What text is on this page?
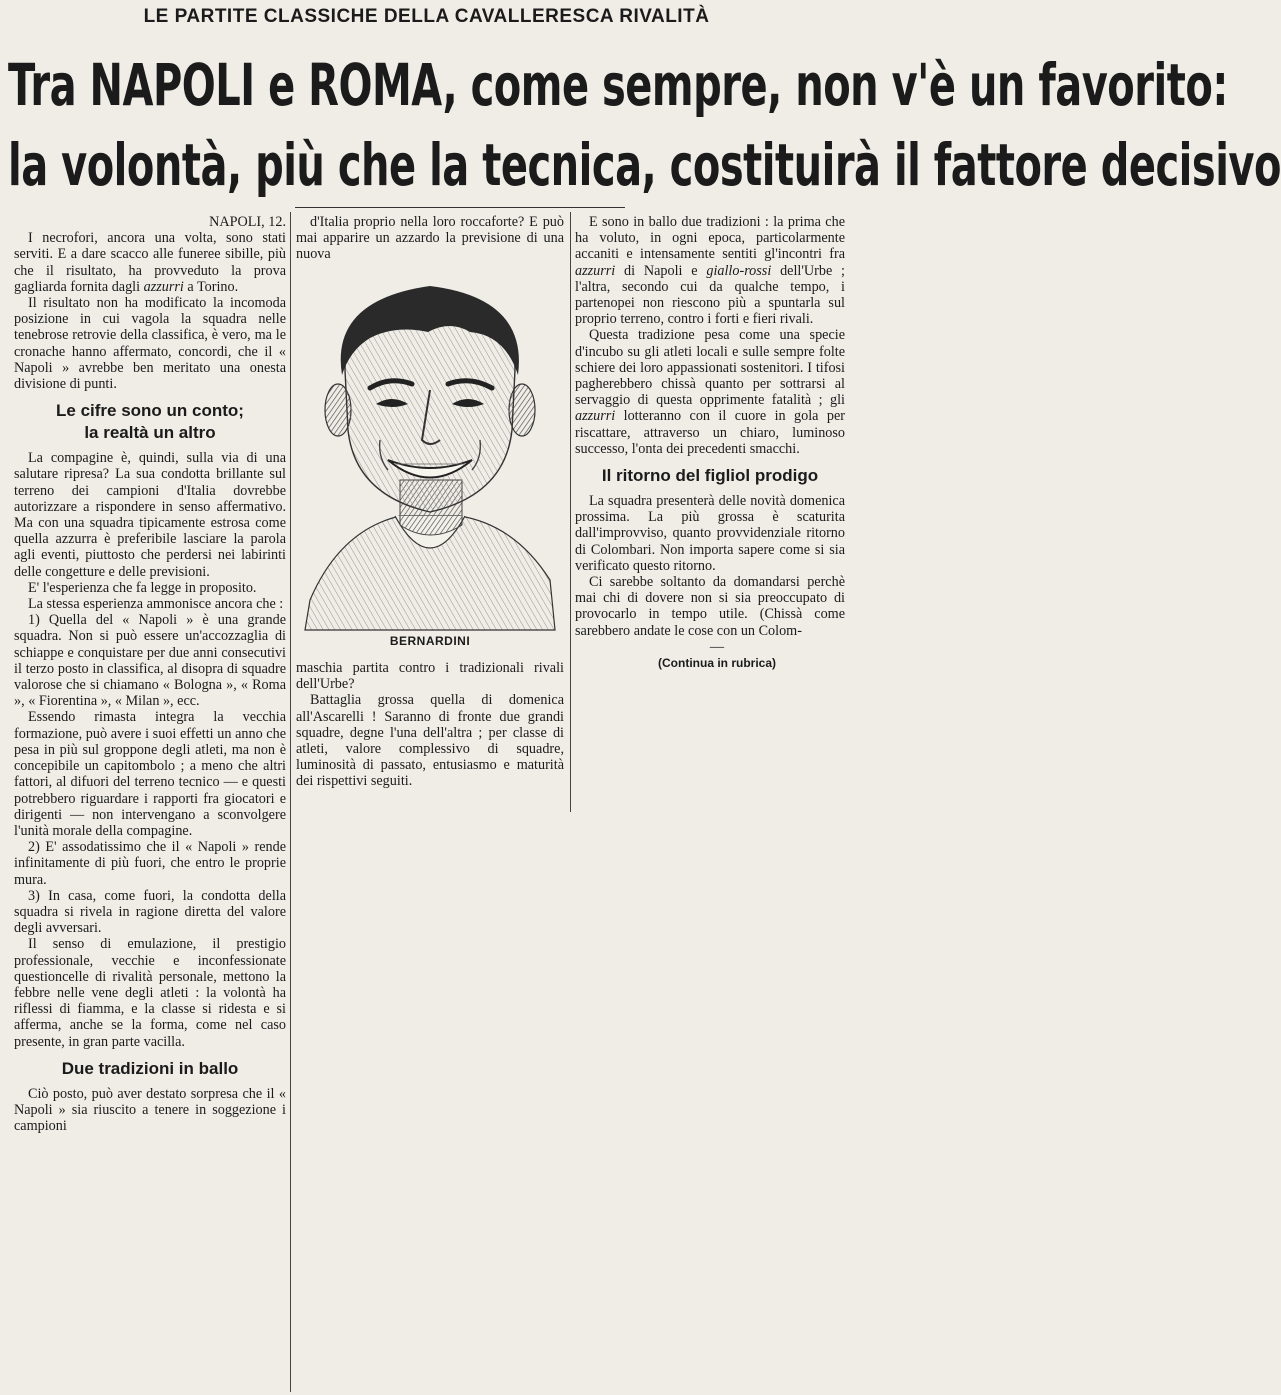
LE PARTITE CLASSICHE DELLA CAVALLERESCA RIVALITÀ
Tra NAPOLI e ROMA, come sempre, non v'è un favorito:
la volontà, più che la tecnica, costituirà il fattore decisivo
NAPOLI, 12.

I necrofori, ancora una volta, sono stati serviti. E a dare scacco alle funeree sibille, più che il risultato, ha provveduto la prova gagliarda fornita dagli azzurri a Torino.

Il risultato non ha modificato la incomoda posizione in cui vagola la squadra nelle tenebrose retrovie della classifica, è vero, ma le cronache hanno affermato, concordi, che il « Napoli » avrebbe ben meritato una onesta divisione di punti.

Le cifre sono un conto;
la realtà un altro

La compagine è, quindi, sulla via di una salutare ripresa? La sua condotta brillante sul terreno dei campioni d'Italia dovrebbe autorizzare a rispondere in senso affermativo. Ma con una squadra tipicamente estrosa come quella azzurra è preferibile lasciare la parola agli eventi, piuttosto che perdersi nei labirinti delle congetture e delle previsioni.

E' l'esperienza che fa legge in proposito.

La stessa esperienza ammonisce ancora che :

1) Quella del « Napoli » è una grande squadra. Non si può essere un'accozzaglia di schiappe e conquistare per due anni consecutivi il terzo posto in classifica, al disopra di squadre valorose che si chiamano « Bologna », « Roma », « Fiorentina », « Milan », ecc.

Essendo rimasta integra la vecchia formazione, può avere i suoi effetti un anno che pesa in più sul groppone degli atleti, ma non è concepibile un capitombolo ; a meno che altri fattori, al difuori del terreno tecnico — e questi potrebbero riguardare i rapporti fra giocatori e dirigenti — non intervengano a sconvolgere l'unità morale della compagine.

2) E' assodatissimo che il « Napoli » rende infinitamente di più fuori, che entro le proprie mura.

3) In casa, come fuori, la condotta della squadra si rivela in ragione diretta del valore degli avversari.

Il senso di emulazione, il prestigio professionale, vecchie e inconfessionate questioncelle di rivalità personale, mettono la febbre nelle vene degli atleti : la volontà ha riflessi di fiamma, e la classe si ridesta e si afferma, anche se la forma, come nel caso presente, in gran parte vacilla.

Due tradizioni in ballo

Ciò posto, può aver destato sorpresa che il « Napoli » sia riuscito a tenere in soggezione i campioni

d'Italia proprio nella loro roccaforte? E può mai apparire un azzardo la previsione di una nuova

BERNARDINI

maschia partita contro i tradizionali rivali dell'Urbe?

Battaglia grossa quella di domenica all'Ascarelli ! Saranno di fronte due grandi squadre, degne l'una dell'altra ; per classe di atleti, valore complessivo di squadre, luminosità di passato, entusiasmo e maturità dei rispettivi seguiti.

E sono in ballo due tradizioni : la prima che ha voluto, in ogni epoca, particolarmente accaniti e intensamente sentiti gl'incontri fra azzurri di Napoli e giallo-rossi dell'Urbe ; l'altra, secondo cui da qualche tempo, i partenopei non riescono più a spuntarla sul proprio terreno, contro i forti e fieri rivali.

Questa tradizione pesa come una specie d'incubo su gli atleti locali e sulle sempre folte schiere dei loro appassionati sostenitori. I tifosi pagherebbero chissà quanto per sottrarsi al servaggio di questa opprimente fatalità ; gli azzurri lotteranno con il cuore in gola per riscattare, attraverso un chiaro, luminoso successo, l'onta dei precedenti smacchi.

Il ritorno del figliol prodigo

La squadra presenterà delle novità domenica prossima. La più grossa è scaturita dall'improvviso, quanto provvidenziale ritorno di Colombari. Non importa sapere come si sia verificato questo ritorno.

Ci sarebbe soltanto da domandarsi perchè mai chi di dovere non si sia preoccupato di provocarlo in tempo utile. (Chissà come sarebbero andate le cose con un Colom-

—

(Continua in rubrica)
